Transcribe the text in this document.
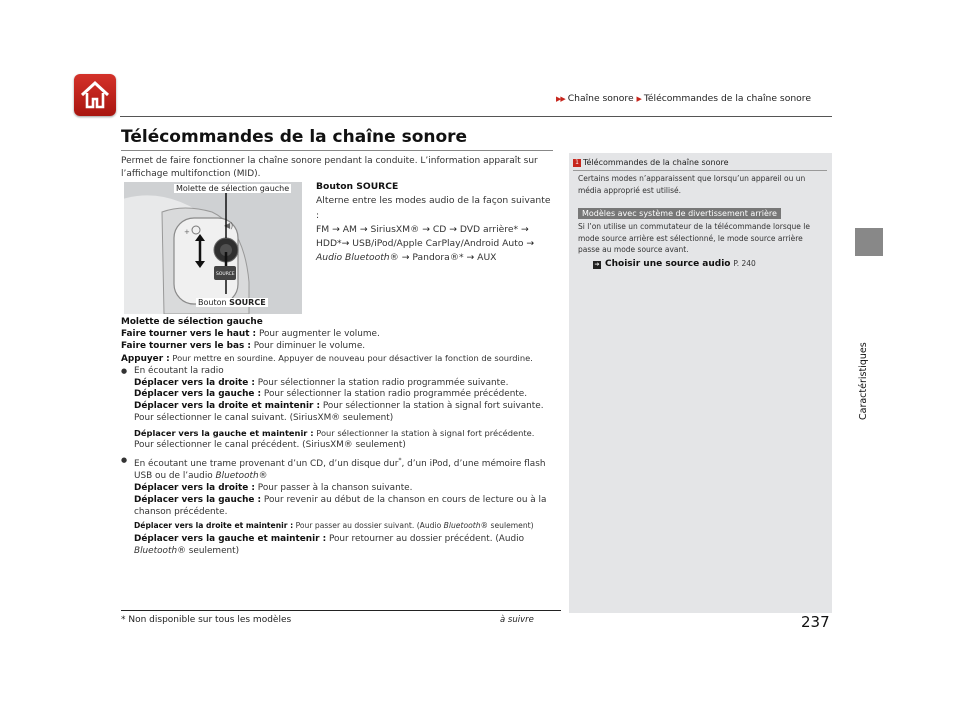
▶▶ Chaîne sonore ▶ Télécommandes de la chaîne sonore
Télécommandes de la chaîne sonore
Permet de faire fonctionner la chaîne sonore pendant la conduite. L’information apparaît sur l’affichage multifonction (MID).
+
◀)
SOURCE
Molette de sélection gauche
Bouton SOURCE
Bouton SOURCE
Alterne entre les modes audio de la façon suivante :
FM → AM → SiriusXM® → CD → DVD arrière* →
HDD*→ USB/iPod/Apple CarPlay/Android Auto →
Audio Bluetooth® → Pandora®* → AUX

Molette de sélection gauche

Faire tourner vers le haut : Pour augmenter le volume.

Faire tourner vers le bas : Pour diminuer le volume.

Appuyer : Pour mettre en sourdine. Appuyer de nouveau pour désactiver la fonction de sourdine.

● En écoutant la radio

Déplacer vers la droite : Pour sélectionner la station radio programmée suivante.

Déplacer vers la gauche : Pour sélectionner la station radio programmée précédente.

Déplacer vers la droite et maintenir : Pour sélectionner la station à signal fort suivante.

Pour sélectionner le canal suivant. (SiriusXM® seulement)

Déplacer vers la gauche et maintenir : Pour sélectionner la station à signal fort précédente.

Pour sélectionner le canal précédent. (SiriusXM® seulement)

● En écoutant une trame provenant d’un CD, d’un disque dur*, d’un iPod, d’une mémoire flash USB ou de l’audio Bluetooth®

Déplacer vers la droite : Pour passer à la chanson suivante.

Déplacer vers la gauche : Pour revenir au début de la chanson en cours de lecture ou à la chanson précédente.

Déplacer vers la droite et maintenir : Pour passer au dossier suivant. (Audio Bluetooth® seulement)

Déplacer vers la gauche et maintenir : Pour retourner au dossier précédent. (Audio Bluetooth® seulement)

1 Télécommandes de la chaîne sonore
Certains modes n’apparaissent que lorsqu’un appareil ou un média approprié est utilisé.
Modèles avec système de divertissement arrière
Si l’on utilise un commutateur de la télécommande lorsque le mode source arrière est sélectionné, le mode source arrière passe au mode source avant.
➔ Choisir une source audio P. 240
Caractéristiques
à suivre
* Non disponible sur tous les modèles	237
